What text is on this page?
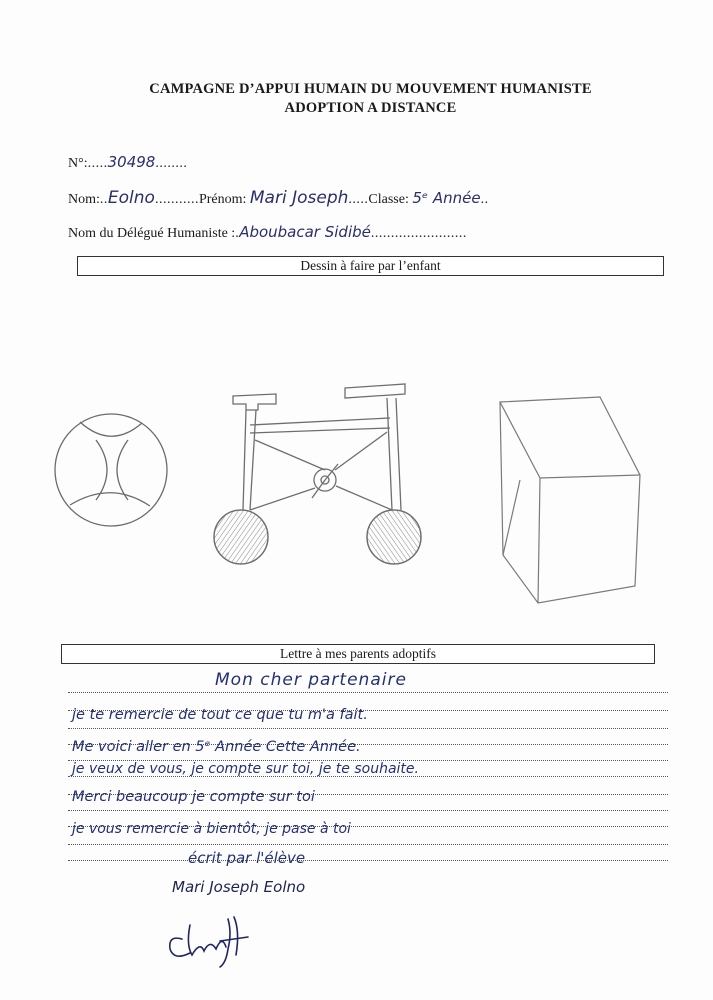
CAMPAGNE D’APPUI HUMAIN DU MOUVEMENT HUMANISTE
ADOPTION A DISTANCE
N°:.....30498........
Nom:..Eolno...........Prénom: Mari Joseph.....Classe: 5ᵉ Année..
Nom du Délégué Humaniste :.Aboubacar Sidibé........................
Dessin à faire par l’enfant
Lettre à mes parents adoptifs
Mon cher partenaire
je te remercie de tout ce que tu m'a fait.
Me voici aller en 5ᵉ Année Cette Année.
je veux de vous, je compte sur toi, je te souhaite.
Merci beaucoup je compte sur toi
je vous remercie à bientôt, je pase à toi
écrit par l'élève
Mari Joseph Eolno
